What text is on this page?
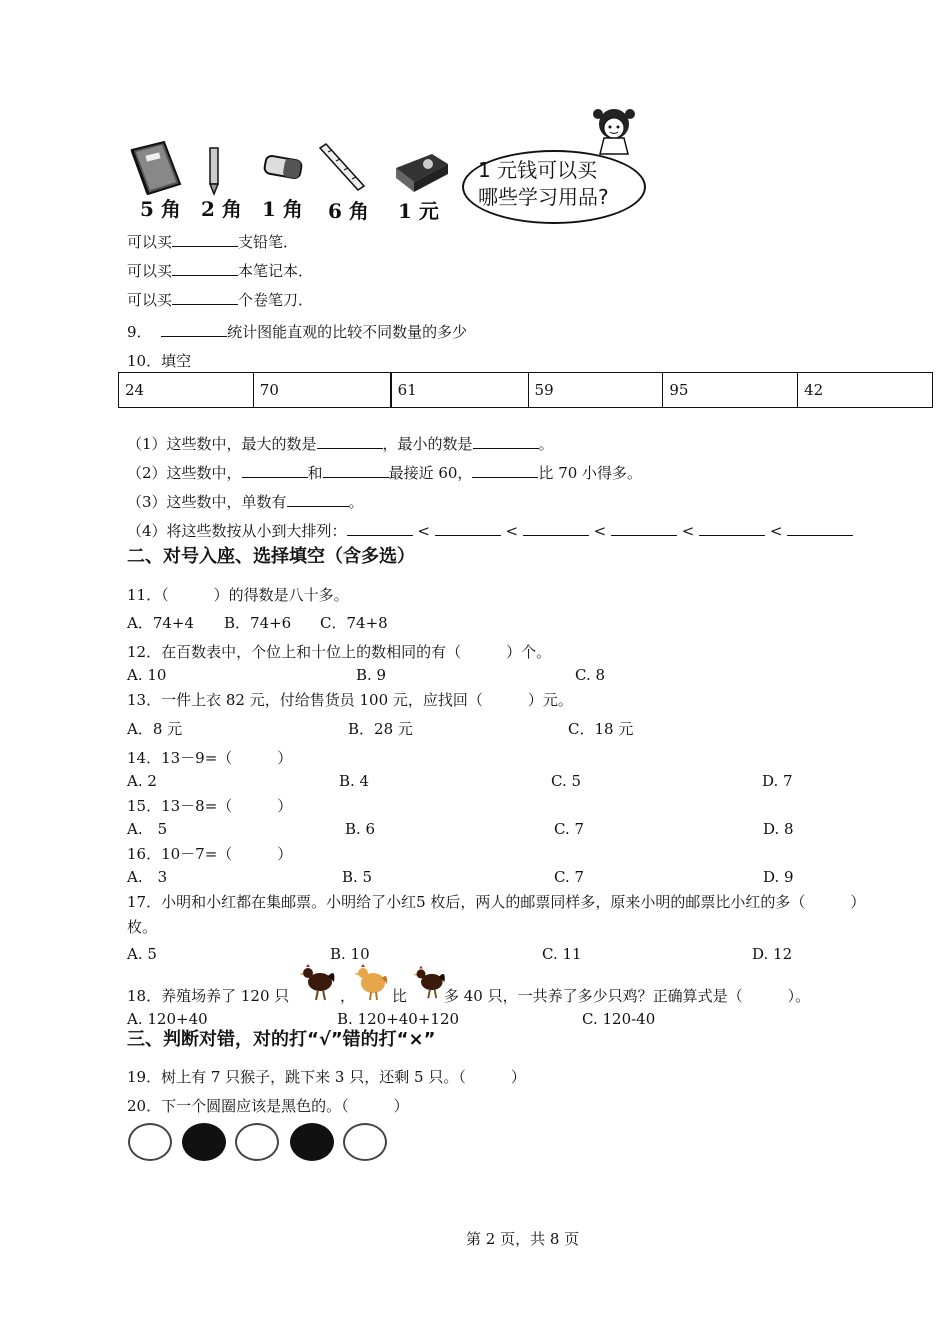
5 角 2 角 1 角 6 角 1 元
1 元钱可以买
哪些学习用品?
可以买	支铅笔．
可以买	本笔记本．
可以买	个卷笔刀．
9．	统计图能直观的比较不同数量的多少
10．填空
24	70	61	59	95	42
（1）这些数中，最大的数是	，最小的数是	。
（2）这些数中，	和	最接近 60，	比 70 小得多。
（3）这些数中，单数有	。
（4）将这些数按从小到大排列：	<	<	<	<	<
二、对号入座、选择填空（含多选）
11．（　　　）的得数是八十多。
A．74+4 B．74+6 C．74+8
12．在百数表中，个位上和十位上的数相同的有（　　　）个。
A. 10	B. 9	C. 8
13．一件上衣 82 元，付给售货员 100 元，应找回（　　　）元。
A．8 元	B．28 元	C．18 元
14．13－9=（　　　）
A. 2	B. 4	C. 5	D. 7
15．13－8=（　　　）
A.　5	B. 6	C. 7	D. 8
16．10－7=（　　　）
A.　3	B. 5	C. 7	D. 9
17．小明和小红都在集邮票。小明给了小红5 枚后，两人的邮票同样多，原来小明的邮票比小红的多（　　　）
枚。
A. 5	B. 10	C. 11	D. 12
18．养殖场养了 120 只	， 比 多 40 只，一共养了多少只鸡？正确算式是（　　　）。
A. 120+40	B. 120+40+120	C. 120-40
三、判断对错，对的打“√”错的打“×”
19．树上有 7 只猴子，跳下来 3 只，还剩 5 只。（　　　）
20．下一个圆圈应该是黑色的。（　　　）
第 2 页，共 8 页
